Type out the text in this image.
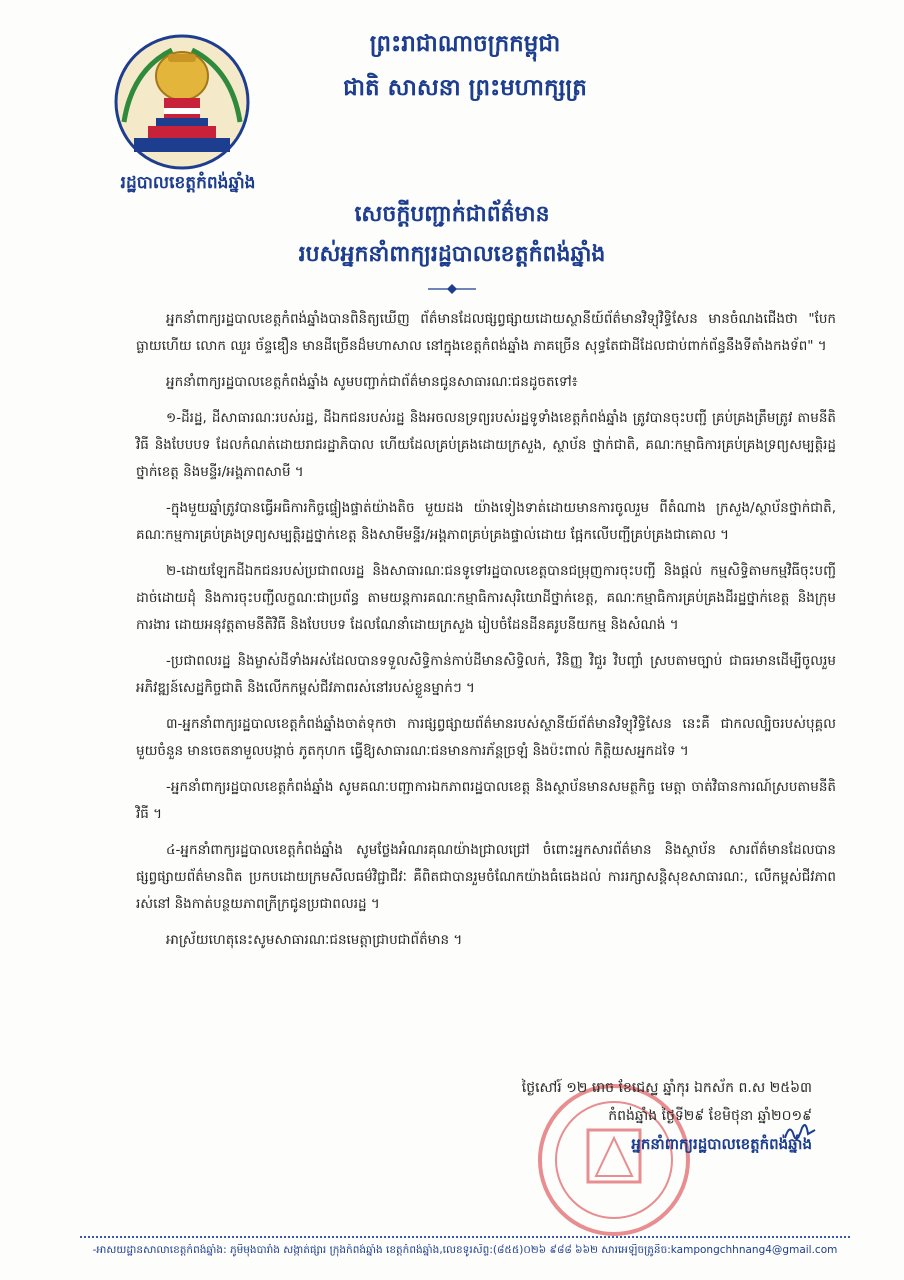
រដ្ឋបាលខេត្តកំពង់ឆ្នាំង
ព្រះរាជាណាចក្រកម្ពុជា
ជាតិ សាសនា ព្រះមហាក្សត្រ
សេចក្ដីបញ្ជាក់ជាព័ត៌មាន
របស់អ្នកនាំពាក្យរដ្ឋបាលខេត្តកំពង់ឆ្នាំង

អ្នកនាំពាក្យរដ្ឋបាលខេត្តកំពង់ឆ្នាំងបានពិនិត្យឃើញ ព័ត៌មានដែលផ្សព្វផ្សាយដោយស្ថានីយ៍ព័ត៌មានវិទ្យុវិទ្ធិសែន មានចំណងជើងថា "បែកធ្លាយហើយ លោក ឈួរ ច័ន្ទឌឿន មានដីច្រើនដ៏មហាសាល នៅក្នុងខេត្តកំពង់ឆ្នាំង ភាគច្រើន សុទ្ធតែជាដីដែលជាប់ពាក់ព័ន្ធនឹងទីតាំងកងទ័ព" ។

អ្នកនាំពាក្យរដ្ឋបាលខេត្តកំពង់ឆ្នាំង សូមបញ្ជាក់ជាព័ត៌មានជូនសាធារណៈជនដូចតទៅ៖

១-ដីរដ្ឋ, ដីសាធារណៈរបស់រដ្ឋ, ដីឯកជនរបស់រដ្ឋ និងអចលនទ្រព្យរបស់រដ្ឋទូទាំងខេត្តកំពង់ឆ្នាំង ត្រូវបានចុះបញ្ជី គ្រប់គ្រងត្រឹមត្រូវ តាមនីតិវិធី និងបែបបទ ដែលកំណត់ដោយរាជរដ្ឋាភិបាល ហើយដែលគ្រប់គ្រងដោយក្រសួង, ស្ថាប័ន ថ្នាក់ជាតិ, គណៈកម្មាធិការគ្រប់គ្រងទ្រព្យសម្បត្តិរដ្ឋថ្នាក់ខេត្ត និងមន្ទីរ/អង្គភាពសាមី ។

-ក្នុងមួយឆ្នាំត្រូវបានធ្វើអធិការកិច្ចផ្ទៀងផ្ទាត់យ៉ាងតិច មួយដង យ៉ាងទៀងទាត់ដោយមានការចូលរួម ពីតំណាង ក្រសួង/ស្ថាប័នថ្នាក់ជាតិ, គណៈកម្មការគ្រប់គ្រងទ្រព្យសម្បត្តិរដ្ឋថ្នាក់ខេត្ត និងសាមីមន្ទីរ/អង្គភាពគ្រប់គ្រងផ្ទាល់ដោយ ផ្អែកលើបញ្ជីគ្រប់គ្រងជាគោល ។

២-ដោយឡែកដីឯកជនរបស់ប្រជាពលរដ្ឋ និងសាធារណៈជនទូទៅរដ្ឋបាលខេត្តបានជម្រុញការចុះបញ្ជី និងផ្ដល់ កម្មសិទ្ធិតាមកម្មវិធីចុះបញ្ជីដាច់ដោយដុំ និងការចុះបញ្ជីលក្ខណៈជាប្រព័ន្ធ តាមយន្តការគណៈកម្មាធិការសុរិយោដីថ្នាក់ខេត្ត, គណៈកម្មាធិការគ្រប់គ្រងដីរដ្ឋថ្នាក់ខេត្ត និងក្រុមការងារ ដោយអនុវត្តតាមនីតិវិធី និងបែបបទ ដែលណែនាំដោយក្រសួង រៀបចំដែនដីនគរូបនីយកម្ម និងសំណង់ ។

-ប្រជាពលរដ្ឋ និងម្ចាស់ដីទាំងអស់ដែលបានទទួលសិទ្ធិកាន់កាប់ដីមានសិទ្ធិលក់, វិនិញ្ញ វិជួរ វិបញ្ចាំ ស្របតាមច្បាប់ ជាធរមានដើម្បីចូលរួមអភិវឌ្ឍន៍សេដ្ឋកិច្ចជាតិ និងលើកកម្ពស់ជីវភាពរស់នៅរបស់ខ្លួនម្នាក់ៗ ។

៣-អ្នកនាំពាក្យរដ្ឋបាលខេត្តកំពង់ឆ្នាំងចាត់ទុកថា ការផ្សព្វផ្សាយព័ត៌មានរបស់ស្ថានីយ៍ព័ត៌មានវិទ្យុវិទ្ធិសែន នេះគឺ ជាកលល្បិចរបស់បុគ្គលមួយចំនួន មានចេតនាមួលបង្កាច់ ភូតកុហក ធ្វើឱ្យសាធារណៈជនមានការភ័ន្តច្រឡំ និងប៉ះពាល់ កិត្តិយសអ្នកដទៃ ។

-អ្នកនាំពាក្យរដ្ឋបាលខេត្តកំពង់ឆ្នាំង សូមគណៈបញ្ជាការឯកភាពរដ្ឋបាលខេត្ត និងស្ថាប័នមានសមត្ថកិច្ច មេត្តា ចាត់វិធានការណ៍ស្របតាមនីតិវិធី ។

៤-អ្នកនាំពាក្យរដ្ឋបាលខេត្តកំពង់ឆ្នាំង សូមថ្លែងអំណរគុណយ៉ាងជ្រាលជ្រៅ ចំពោះអ្នកសារព័ត៌មាន និងស្ថាប័ន សារព័ត៌មានដែលបានផ្សព្វផ្សាយព័ត៌មានពិត ប្រកបដោយក្រមសីលធម៌វិជ្ជាជីវៈ គឺពិតជាបានរួមចំណែកយ៉ាងធំធេងដល់ ការរក្សាសន្តិសុខសាធារណៈ, លើកម្ពស់ជីវភាពរស់នៅ និងកាត់បន្ថយភាពក្រីក្រជូនប្រជាពលរដ្ឋ ។

អាស្រ័យហេតុនេះសូមសាធារណៈជនមេត្តាជ្រាបជាព័ត៌មាន ។

ថ្ងៃសៅរ៍ ១២ រោច ខែជេស្ឋ ឆ្នាំកុរ ឯកស័ក ព.ស ២៥៦៣
កំពង់ឆ្នាំង ថ្ងៃទី២៩ ខែមិថុនា ឆ្នាំ២០១៩
អ្នកនាំពាក្យរដ្ឋបាលខេត្តកំពង់ឆ្នាំង
-អាសយដ្ឋានសាលាខេត្តកំពង់ឆ្នាំង: ភូមិមុងបារាំង សង្កាត់ផ្សារ ក្រុងកំពង់ឆ្នាំង ខេត្តកំពង់ឆ្នាំង,លេខទូរស័ព្ទ:(៨៥៥)០២៦ ៩៨៨ ៦៦២ សារអេឡិចត្រូនិច:kampongchhnang4@gmail.com
